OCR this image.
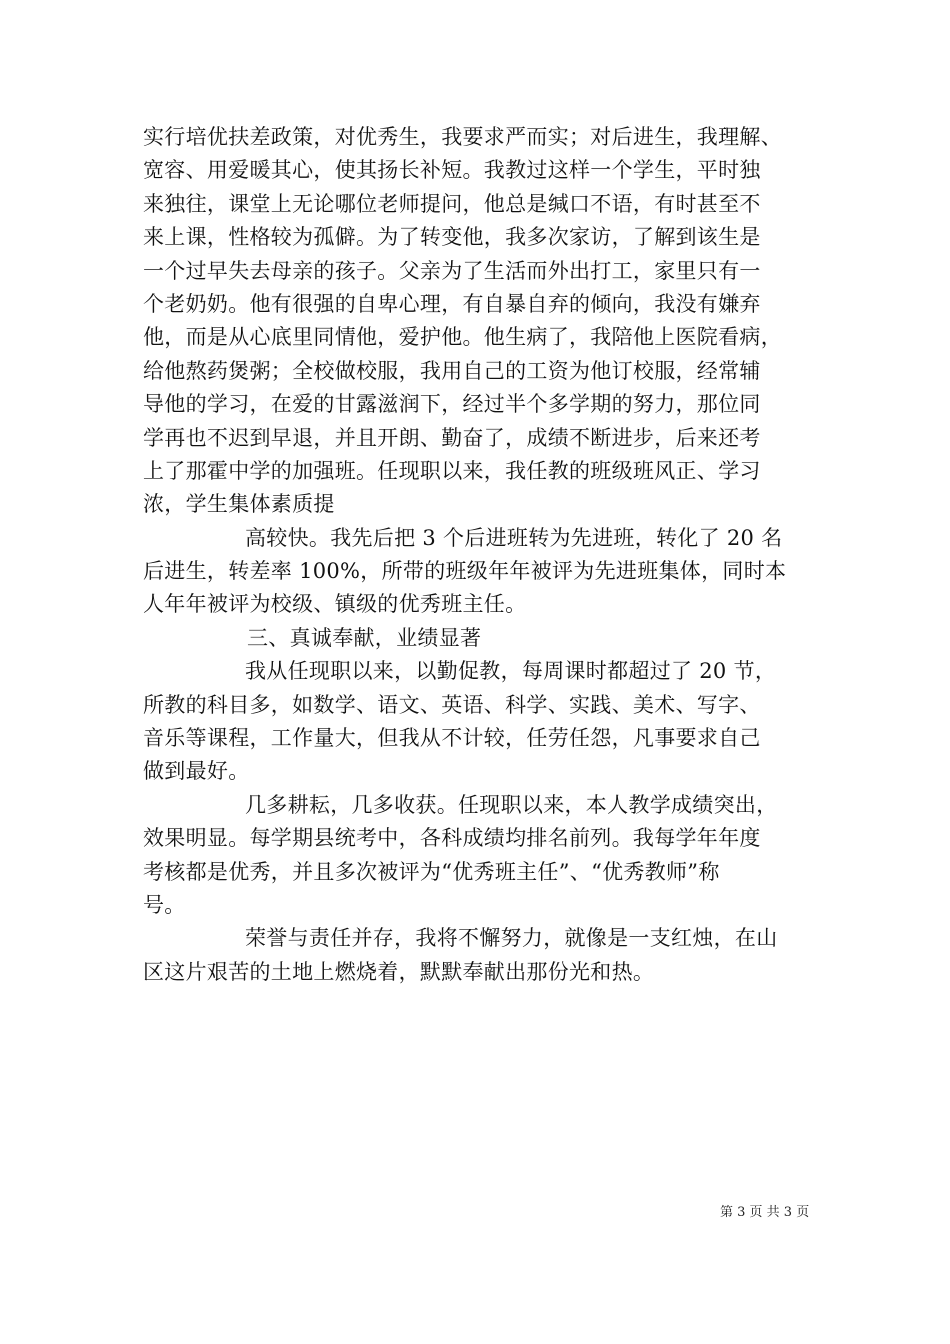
实行培优扶差政策，对优秀生，我要求严而实；对后进生，我理解、
宽容、用爱暖其心，使其扬长补短。我教过这样一个学生，平时独
来独往，课堂上无论哪位老师提问，他总是缄口不语，有时甚至不
来上课，性格较为孤僻。为了转变他，我多次家访，了解到该生是
一个过早失去母亲的孩子。父亲为了生活而外出打工，家里只有一
个老奶奶。他有很强的自卑心理，有自暴自弃的倾向，我没有嫌弃
他，而是从心底里同情他，爱护他。他生病了，我陪他上医院看病，
给他熬药煲粥；全校做校服，我用自己的工资为他订校服，经常辅
导他的学习，在爱的甘露滋润下，经过半个多学期的努力，那位同
学再也不迟到早退，并且开朗、勤奋了，成绩不断进步，后来还考
上了那霍中学的加强班。任现职以来，我任教的班级班风正、学习
浓，学生集体素质提
高较快。我先后把 3 个后进班转为先进班，转化了 20 名
后进生，转差率 100%，所带的班级年年被评为先进班集体，同时本
人年年被评为校级、镇级的优秀班主任。
三、真诚奉献，业绩显著
我从任现职以来，以勤促教，每周课时都超过了 20 节，
所教的科目多，如数学、语文、英语、科学、实践、美术、写字、
音乐等课程，工作量大，但我从不计较，任劳任怨，凡事要求自己
做到最好。
几多耕耘，几多收获。任现职以来，本人教学成绩突出，
效果明显。每学期县统考中，各科成绩均排名前列。我每学年年度
考核都是优秀，并且多次被评为“优秀班主任”、“优秀教师”称
号。
荣誉与责任并存，我将不懈努力，就像是一支红烛，在山
区这片艰苦的土地上燃烧着，默默奉献出那份光和热。
第 3 页 共 3 页
